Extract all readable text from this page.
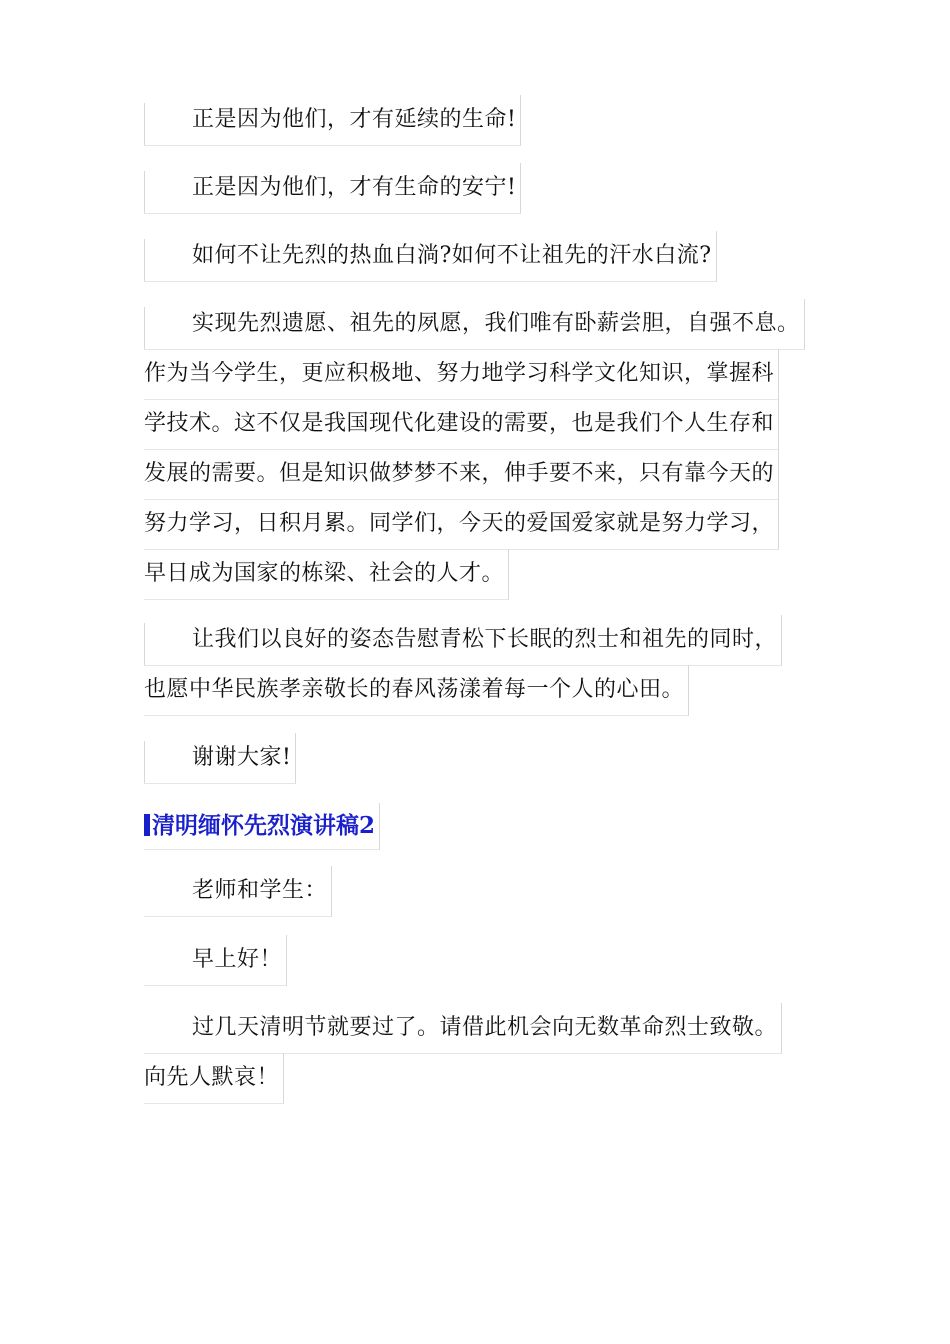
正是因为他们，才有延续的生命!
正是因为他们，才有生命的安宁!
如何不让先烈的热血白淌?如何不让祖先的汗水白流?
实现先烈遗愿、祖先的夙愿，我们唯有卧薪尝胆，自强不息。
作为当今学生，更应积极地、努力地学习科学文化知识，掌握科
学技术。这不仅是我国现代化建设的需要，也是我们个人生存和
发展的需要。但是知识做梦梦不来，伸手要不来，只有靠今天的
努力学习，日积月累。同学们，今天的爱国爱家就是努力学习，
早日成为国家的栋梁、社会的人才。
让我们以良好的姿态告慰青松下长眠的烈士和祖先的同时，
也愿中华民族孝亲敬长的春风荡漾着每一个人的心田。
谢谢大家!
清明缅怀先烈演讲稿2
老师和学生：
早上好！
过几天清明节就要过了。请借此机会向无数革命烈士致敬。
向先人默哀！
